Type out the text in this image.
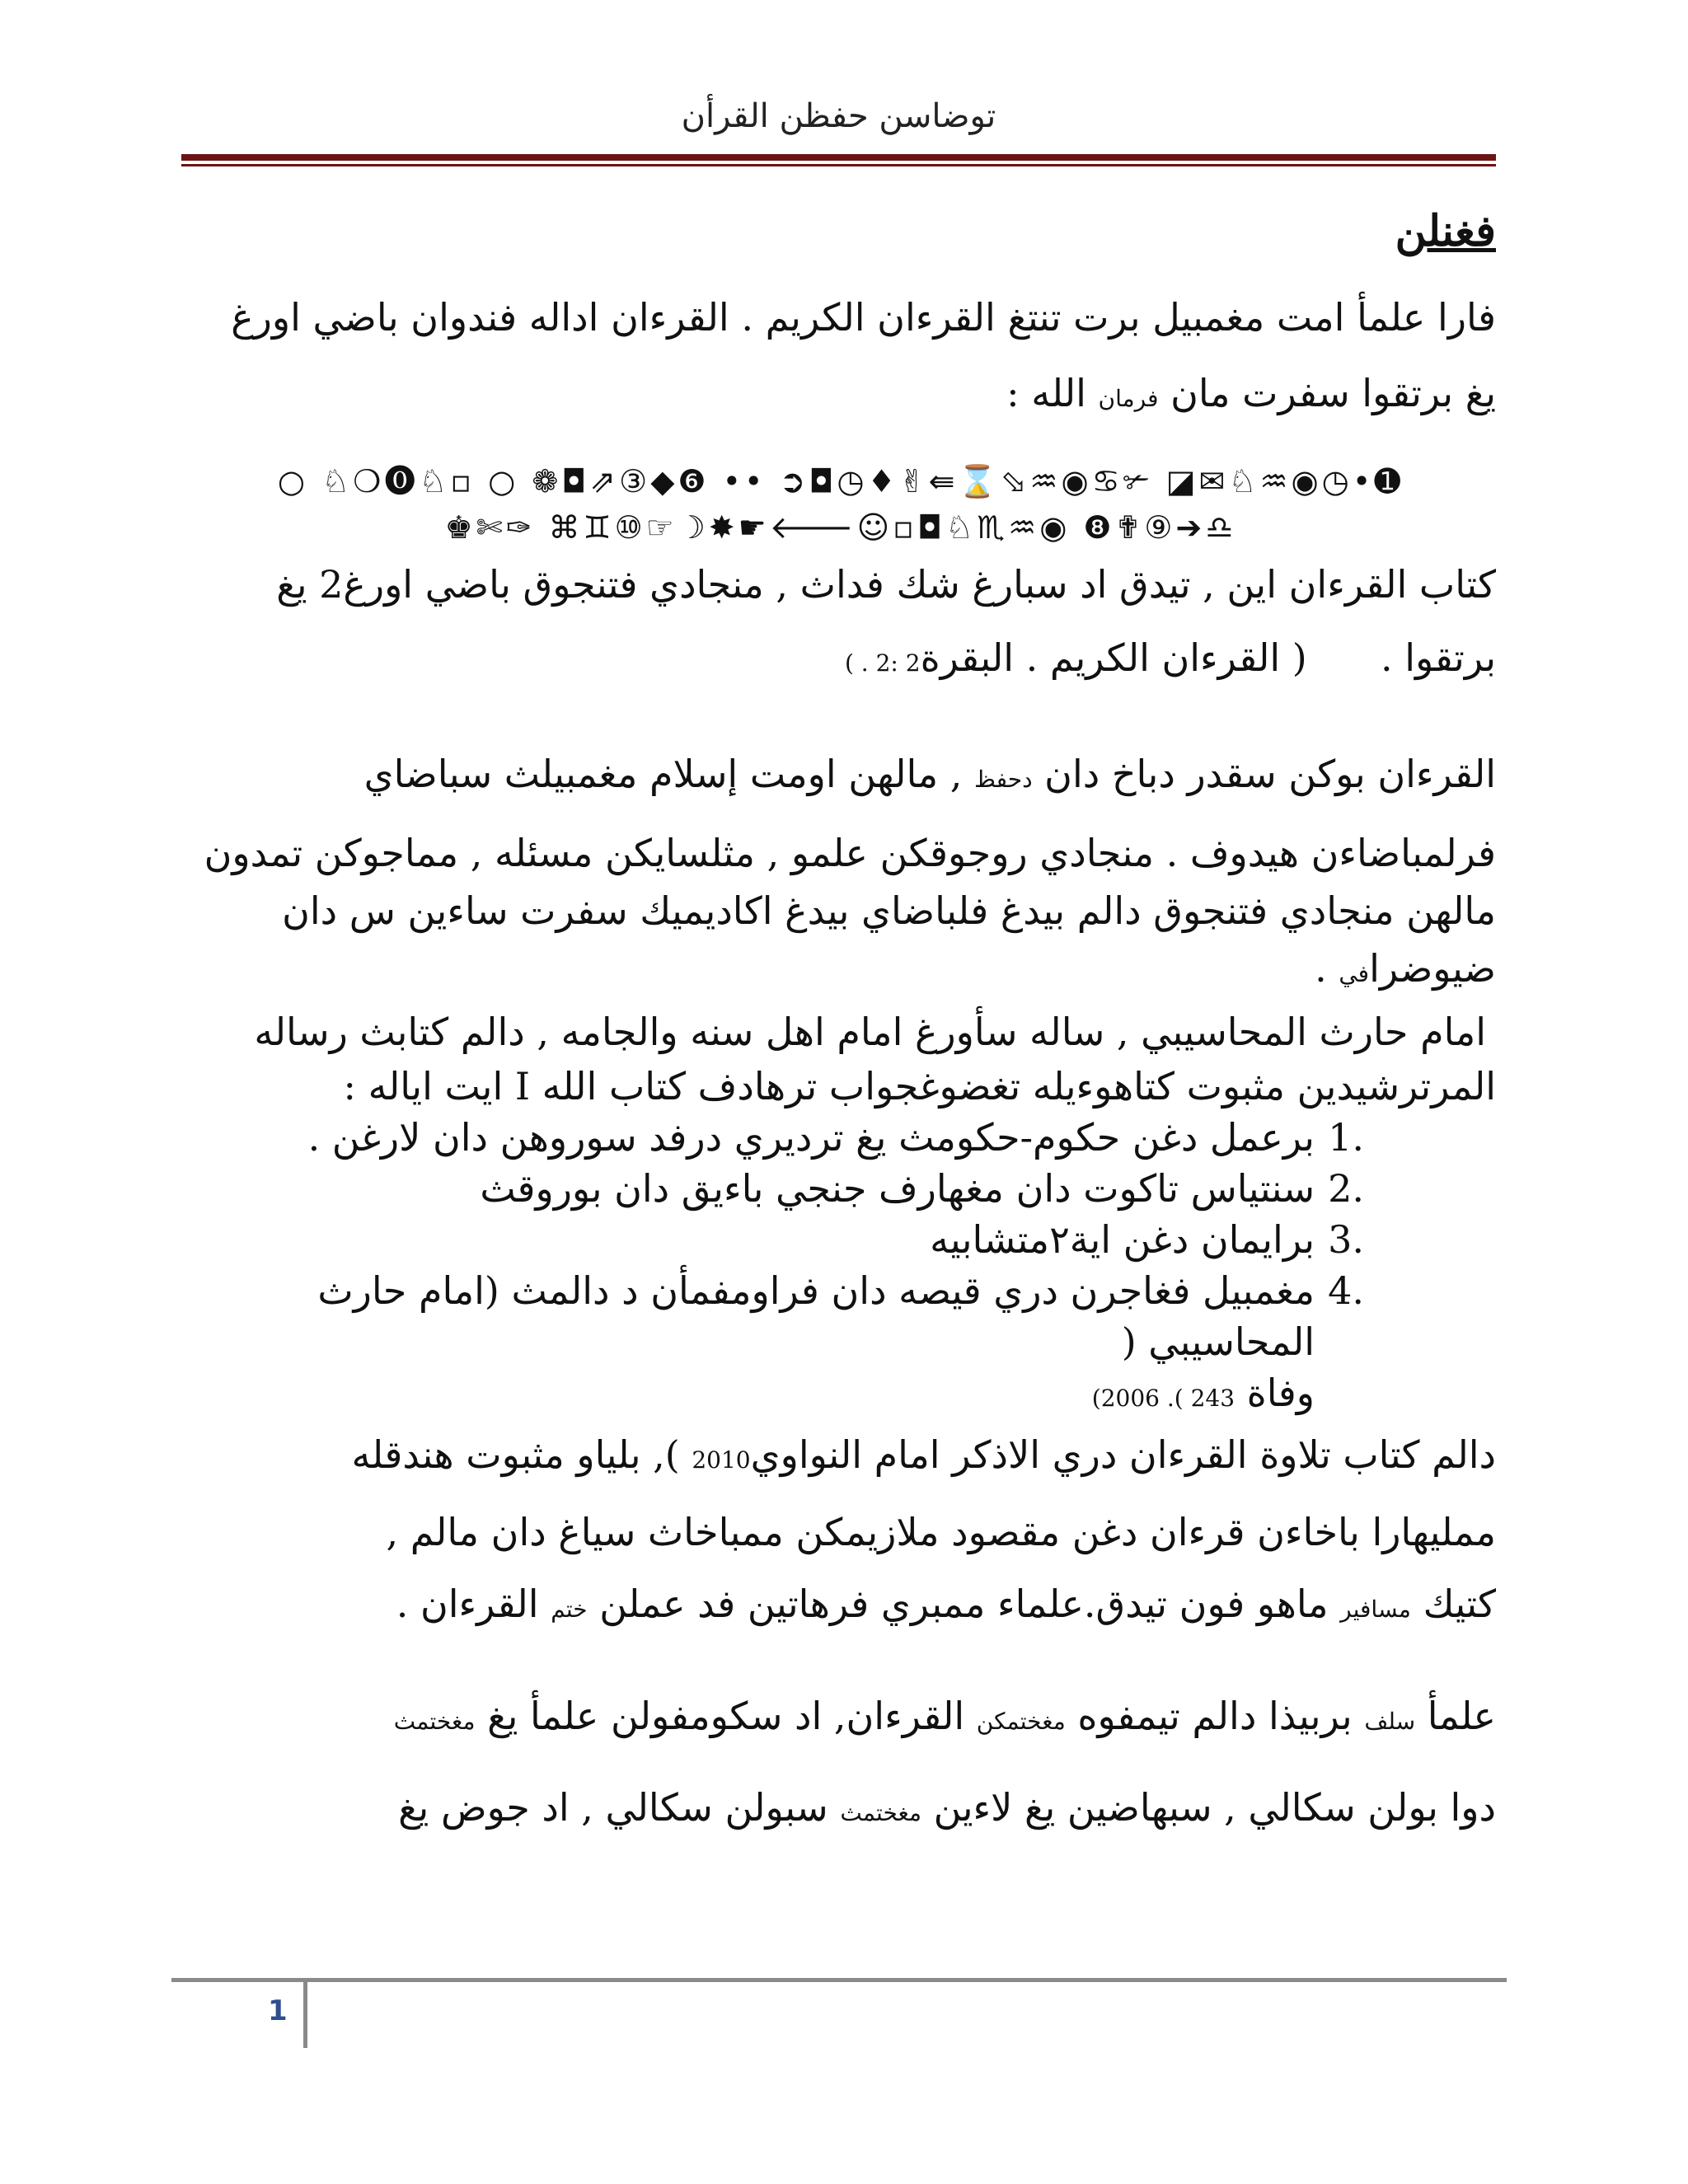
توضاسن حفظن القرأن
فغنلن

فارا علمأ امت مغمبيل برت تنتغ القرءان الكريم . القرءان اداله فندوان باضي اورغ

يغ برتقوا سفرت مان فرمان الله :

○ ♘❍⓿♘▫ ○ ❁◘⇗③◆❻ •• ➲◘◷♦✌⇚⌛⬂♒◉♋✃ ◪✉♘♒◉◷•➊
♚✄✑ ⌘♊⑩☞☽✸☛🡐☺▫◘♘♏♒◉ ❽✟⑨➔♎

كتاب القرءان اين , تيدق اد سبارغ شك فداث , منجادي فتنجوق باضي اورغ2 يغ

برتقوا .  ( القرءان الكريم . البقرة2 :2 . )

القرءان بوكن سقدر دباخ دان دحفظ , مالهن اومت إسلام مغمبيلث سباضاي

فرلمباضاءن هيدوف . منجادي روجوقكن علمو , مثلسايكن مسئله , مماجوكن تمدون

مالهن منجادي فتنجوق دالم بيدغ فلباضاي بيدغ اكاديميك سفرت ساءين س دان

ضيوضرافي .

امام حارث المحاسيبي , ساله سأورغ امام اهل سنه والجامه , دالم كتابث رساله

المرترشيدين مثبوت كتاهوءيله تغضوغجواب ترهادف كتاب الله I ايت اياله :

1.
برعمل دغن حكوم-حكومث يغ ترديري درفد سوروهن دان لارغن .
2.
سنتياس تاكوت دان مغهارف جنجي باءيق دان بوروقث
3.
برايمان دغن اية٢متشابيه
4.
مغمبيل فغاجرن دري قيصه دان فراومفمأن د دالمث (امام حارث المحاسيبي (
وفاة 243 ). 2006)

دالم كتاب تلاوة القرءان دري الاذكر امام النواوي2010 ), بلياو مثبوت هندقله

ممليهارا باخاءن قرءان دغن مقصود ملازيمكن ممباخاث سياغ دان مالم ,

كتيك مسافير ماهو فون تيدق.علماء ممبري فرهاتين فد عملن ختم القرءان .

علمأ سلف بربيذا دالم تيمفوه مغختمكن القرءان, اد سكومفولن علمأ يغ مغختمث

دوا بولن سكالي , سبهاضين يغ لاءين مغختمث سبولن سكالي , اد جوض يغ

1
